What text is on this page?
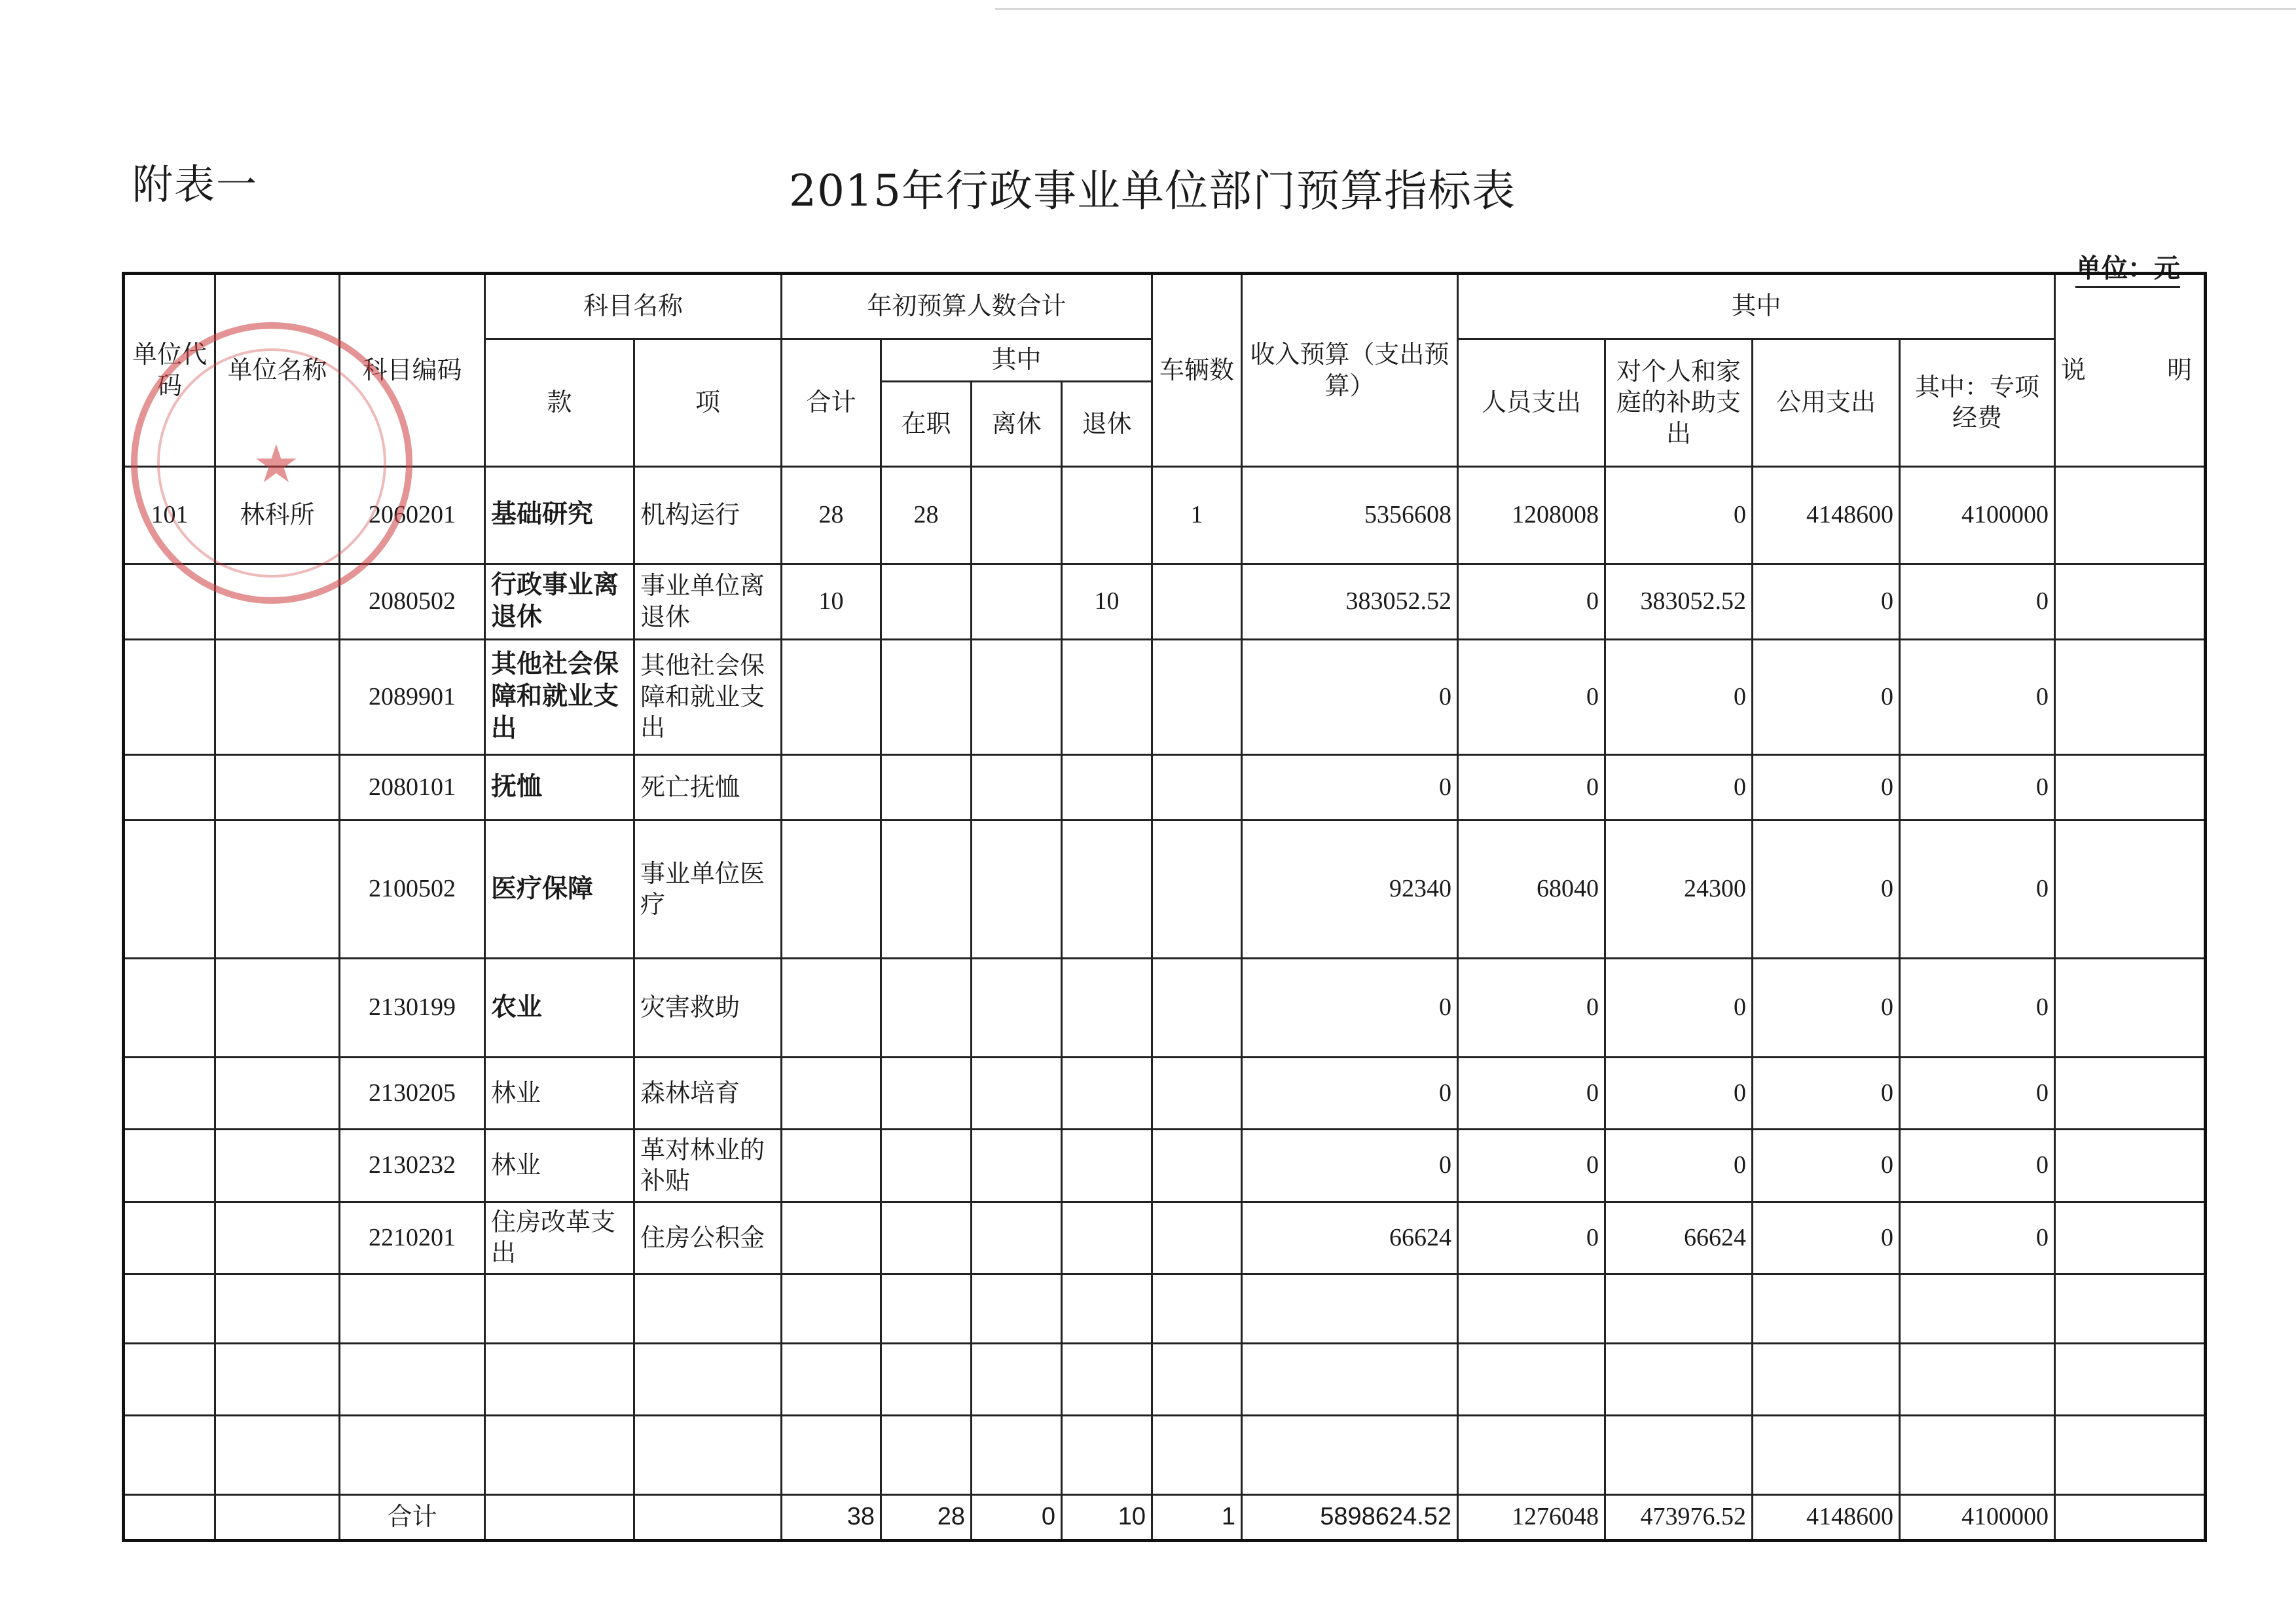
附表一	2015年行政事业单位部门预算指标表
单位：元
单位代码	单位名称	科目编码	科目名称		年初预算人数合计				车辆数	收入预算（支出预算）	其中				说 明
			款	项	合计	其中					人员支出	对个人和家庭的补助支出	公用支出	其中：专项经费	
						在职	离休	退休							
101	林科所	2060201	基础研究	机构运行	28	28			1	5356608	1208008	0	4148600	4100000	
		2080502	行政事业离退休	事业单位离退休	10			10		383052.52	0	383052.52	0	0	
		2089901	其他社会保障和就业支出	其他社会保障和就业支出						0	0	0	0	0	
		2080101	抚恤	死亡抚恤						0	0	0	0	0	
		2100502	医疗保障	事业单位医疗						92340	68040	24300	0	0	
		2130199	农业	灾害救助						0	0	0	0	0	
		2130205	林业	森林培育						0	0	0	0	0	
		2130232	林业	革对林业的补贴						0	0	0	0	0	
		2210201	住房改革支出	住房公积金						66624	0	66624	0	0	

		合计			38	28	0	10	1	5898624.52	1276048	473976.52	4148600	4100000	
★
